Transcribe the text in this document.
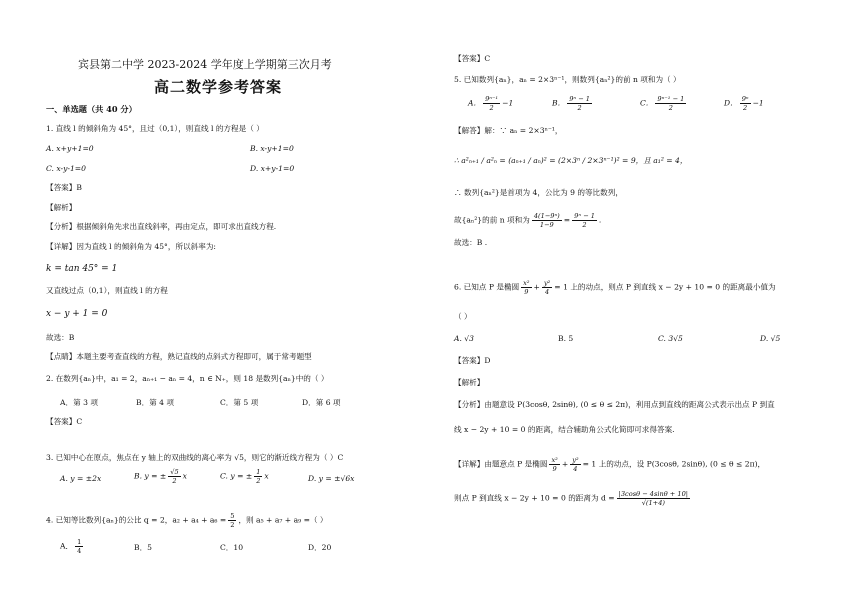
宾县第二中学 2023-2024 学年度上学期第三次月考
高二数学参考答案
一、单选题（共 40 分）
1. 直线 l 的倾斜角为 45°，且过（0,1），则直线 l 的方程是（ ）
A. x+y+1=0	B. x-y+1=0
C. x-y-1=0	D. x+y-1=0
【答案】B
【解析】
【分析】根据倾斜角先求出直线斜率，再由定点，即可求出直线方程.
【详解】因为直线 l 的倾斜角为 45°，所以斜率为:
k = tan 45° = 1
又直线过点（0,1），则直线 l 的方程
x − y + 1 = 0
故选：B
【点睛】本题主要考查直线的方程，熟记直线的点斜式方程即可，属于常考题型
2. 在数列{aₙ}中，a₁ = 2，aₙ₊₁ − aₙ = 4，n ∈ N₊，则 18 是数列{aₙ}中的（ ）
A．第 3 项	B．第 4 项	C．第 5 项	D．第 6 项
【答案】C
3. 已知中心在原点，焦点在 y 轴上的双曲线的离心率为 √5，则它的渐近线方程为（ ）C
A. y = ±2x	B. y = ± $\frac{√5}{2}$ x	C. y = ± $\frac{1}{2}$ x	D. y = ±√6x
4. 已知等比数列{aₙ}的公比 q = 2，$a_2 + a_4 + a_6 = \frac{5}{2}$ ，则 a₅ + a₇ + a₉ =（ ）
A． $\frac{1}{4}$	B．5	C．10	D．20
【答案】C
5. 已知数列{aₙ}，aₙ = 2×3ⁿ⁻¹，则数列{aₙ²}的前 n 项和为（ ）
A． $\frac{\text{9ⁿ⁻¹}}{2} -1$	B． $\frac{\text{9ⁿ − 1}}{2}$	C． $\frac{\text{9ⁿ⁻¹ − 1}}{2}$	D． $\frac{\text{9ⁿ}}{2} -1$
【解答】解：∵ aₙ = 2×3ⁿ⁻¹，
∴ a²ₙ₊₁ / a²ₙ = (aₙ₊₁ / aₙ)² = (2×3ⁿ / 2×3ⁿ⁻¹)² = 9，且 a₁² = 4，
∴ 数列{aₙ²}是首项为 4，公比为 9 的等比数列，
故{aₙ²}的前 n 项和为 $\frac{\text{4(1−9ⁿ)}}{1-9} = \frac{\text{9ⁿ − 1}}{2}$ .
故选：B .
6. 已知点 P 是椭圆 $\frac{\text{x²}}{9} + \frac{\text{y²}}{4} = 1$ 上的动点，则点 P 到直线 x − 2y + 10 = 0 的距离最小值为
（ ）
A. √3	B. 5	C. 3√5	D. √5
【答案】D
【解析】
【分析】由题意设 P(3cosθ, 2sinθ), (0 ≤ θ ≤ 2π)，利用点到直线的距离公式表示出点 P 到直
线 x − 2y + 10 = 0 的距离，结合辅助角公式化简即可求得答案.
【详解】由题意点 P 是椭圆 $\frac{\text{x²}}{9} + \frac{\text{y²}}{4} = 1$ 上的动点，设 P(3cosθ, 2sinθ), (0 ≤ θ ≤ 2π)，
则点 P 到直线 x − 2y + 10 = 0 的距离为 $d = \frac{|3\cos\theta - 4\sin\theta + 10|}{√(1+4)}$
